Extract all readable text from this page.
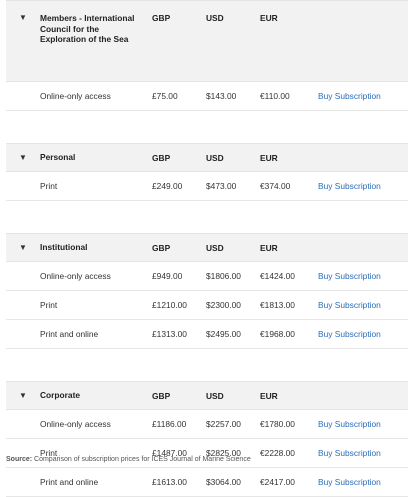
▼	Members - International Council for the Exploration of the Sea	GBP	USD	EUR	
	Online-only access	£75.00	$143.00	€110.00	Buy Subscription

▼	Personal	GBP	USD	EUR	
	Print	£249.00	$473.00	€374.00	Buy Subscription

▼	Institutional	GBP	USD	EUR	
	Online-only access	£949.00	$1806.00	€1424.00	Buy Subscription
	Print	£1210.00	$2300.00	€1813.00	Buy Subscription
	Print and online	£1313.00	$2495.00	€1968.00	Buy Subscription

▼	Corporate	GBP	USD	EUR	
	Online-only access	£1186.00	$2257.00	€1780.00	Buy Subscription
	Print	£1487.00	$2825.00	€2228.00	Buy Subscription
	Print and online	£1613.00	$3064.00	€2417.00	Buy Subscription
Source: Comparison of subscription prices for ICES Journal of Marine Science
